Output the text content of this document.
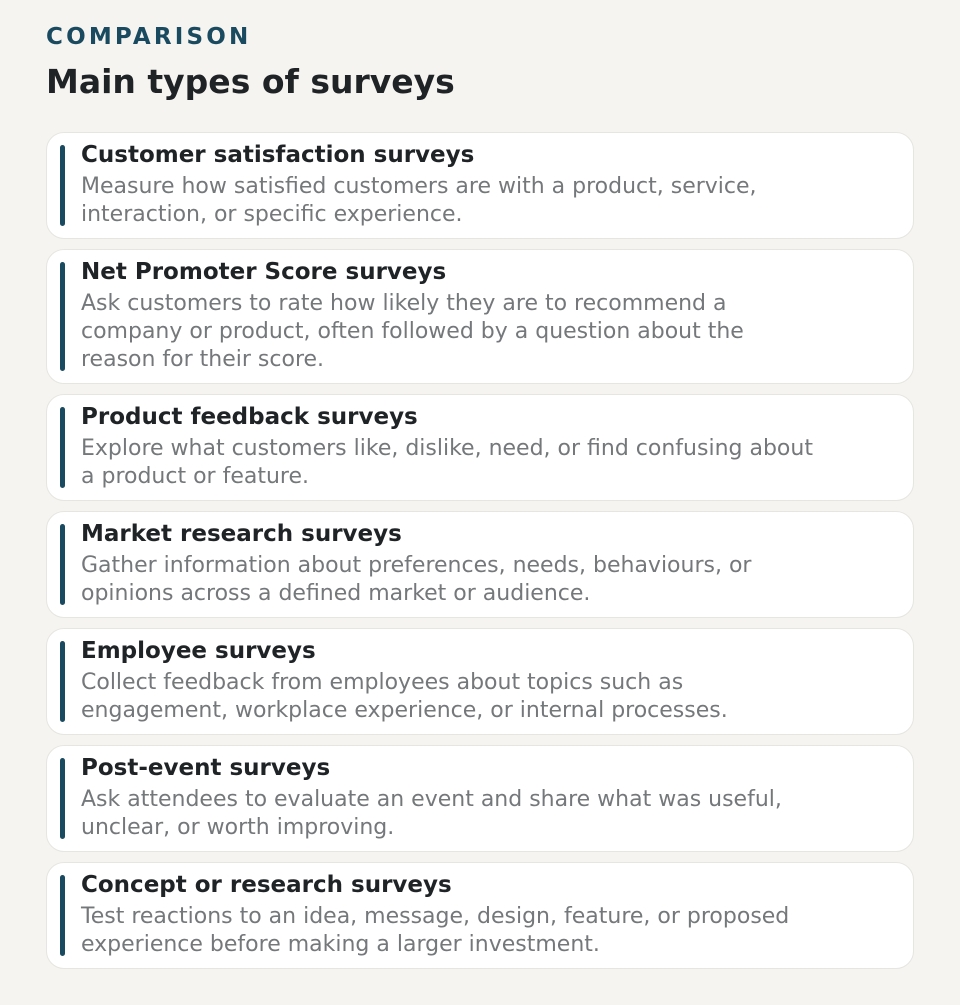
COMPARISON
Main types of surveys
Customer satisfaction surveys
Measure how satisfied customers are with a product, service, interaction, or specific experience.
Net Promoter Score surveys
Ask customers to rate how likely they are to recommend a company or product, often followed by a question about the reason for their score.
Product feedback surveys
Explore what customers like, dislike, need, or find confusing about a product or feature.
Market research surveys
Gather information about preferences, needs, behaviours, or opinions across a defined market or audience.
Employee surveys
Collect feedback from employees about topics such as engagement, workplace experience, or internal processes.
Post-event surveys
Ask attendees to evaluate an event and share what was useful, unclear, or worth improving.
Concept or research surveys
Test reactions to an idea, message, design, feature, or proposed experience before making a larger investment.
